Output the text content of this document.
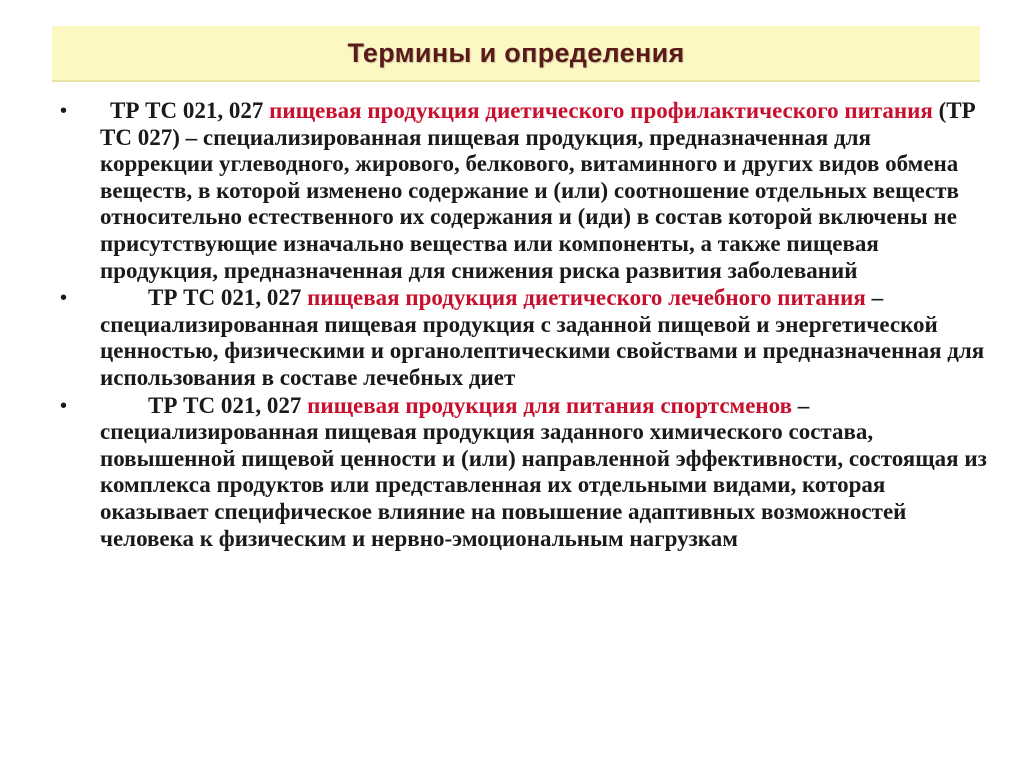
Термины и определения
• ТР ТС 021, 027 пищевая продукция диетического профилактического питания (ТР ТС 027) – специализированная пищевая продукция, предназначенная для коррекции углеводного, жирового, белкового, витаминного и других видов обмена веществ, в которой изменено содержание и (или) соотношение отдельных веществ относительно естественного их содержания и (иди) в состав которой включены не присутствующие изначально вещества или компоненты, а также пищевая продукция, предназначенная для снижения риска развития заболеваний
•	ТР ТС 021, 027 пищевая продукция диетического лечебного питания – специализированная пищевая продукция с заданной пищевой и энергетической ценностью, физическими и органолептическими свойствами и предназначенная для использования в составе лечебных диет
•	ТР ТС 021, 027 пищевая продукция для питания спортсменов – специализированная пищевая продукция заданного химического состава, повышенной пищевой ценности и (или) направленной эффективности, состоящая из комплекса продуктов или представленная их отдельными видами, которая оказывает специфическое влияние на повышение адаптивных возможностей человека к физическим и нервно-эмоциональным нагрузкам
